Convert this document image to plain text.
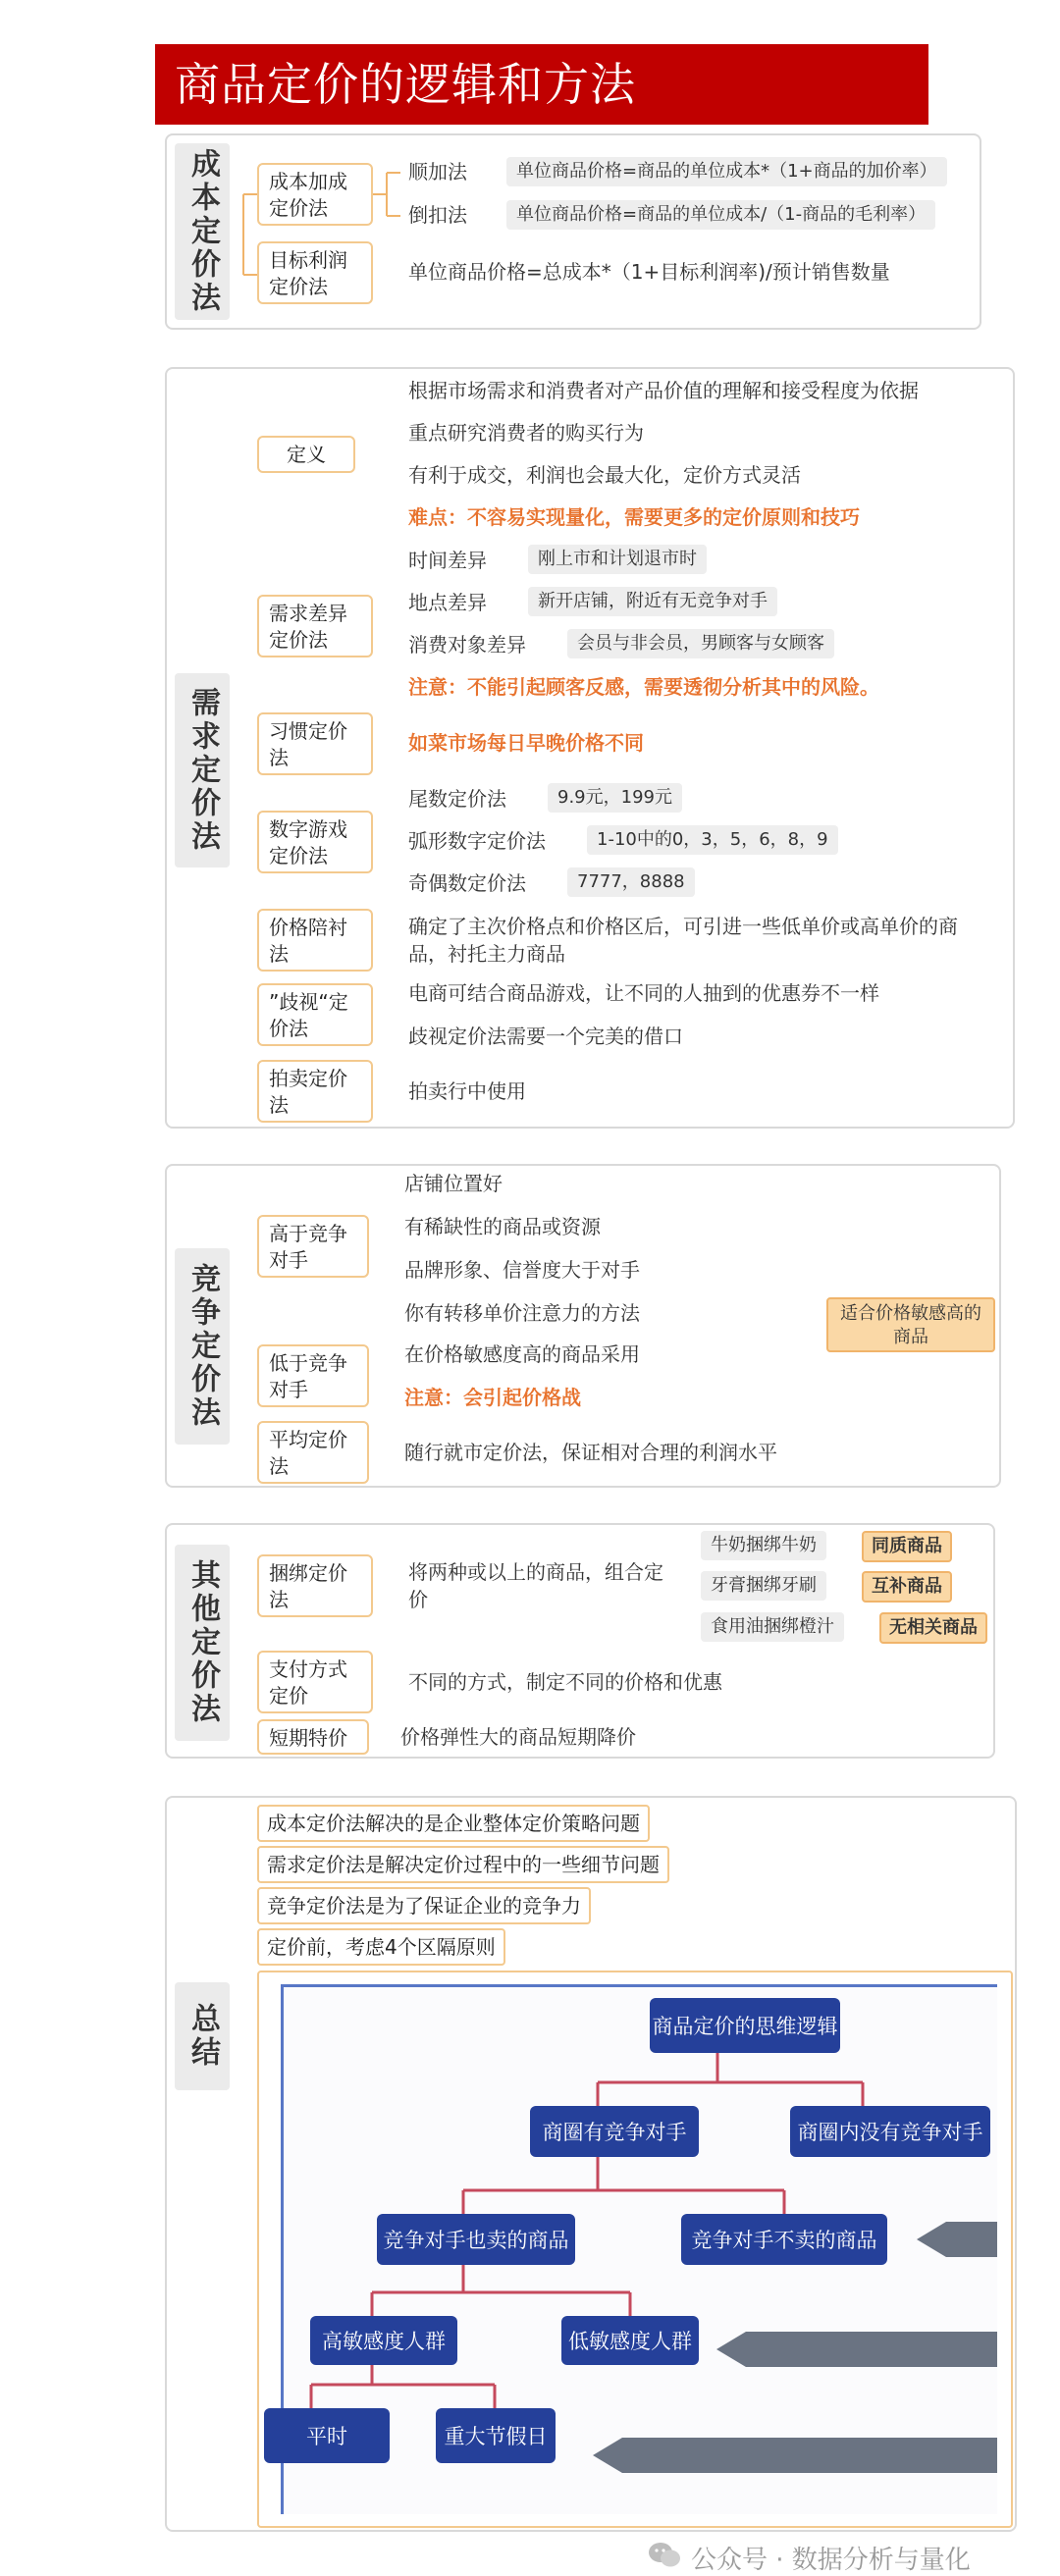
商品定价的逻辑和方法
成本定价法	成本加成定价法
顺加法	单位商品价格=商品的单位成本*（1+商品的加价率）
倒扣法	单位商品价格=商品的单位成本/（1-商品的毛利率）
目标利润定价法
单位商品价格=总成本*（1+目标利润率)/预计销售数量
需求定价法
定义
根据市场需求和消费者对产品价值的理解和接受程度为依据
重点研究消费者的购买行为
有利于成交，利润也会最大化，定价方式灵活
难点：不容易实现量化，需要更多的定价原则和技巧
需求差异定价法
时间差异	刚上市和计划退市时
地点差异	新开店铺，附近有无竞争对手
消费对象差异	会员与非会员，男顾客与女顾客
注意：不能引起顾客反感，需要透彻分析其中的风险。
习惯定价法
如菜市场每日早晚价格不同
数字游戏定价法
尾数定价法	9.9元，199元
弧形数字定价法	1-10中的0，3，5，6，8，9
奇偶数定价法	7777，8888
价格陪衬法
确定了主次价格点和价格区后，可引进一些低单价或高单价的商品，衬托主力商品
”歧视“定价法
电商可结合商品游戏，让不同的人抽到的优惠券不一样
歧视定价法需要一个完美的借口
拍卖定价法
拍卖行中使用
竞争定价法
高于竞争对手
店铺位置好
有稀缺性的商品或资源
品牌形象、信誉度大于对手
你有转移单价注意力的方法
低于竞争对手
在价格敏感度高的商品采用
注意：会引起价格战
平均定价法
随行就市定价法，保证相对合理的利润水平
适合价格敏感高的商品
其他定价法	捆绑定价法
将两种或以上的商品，组合定价
牛奶捆绑牛奶	同质商品
牙膏捆绑牙刷	互补商品
食用油捆绑橙汁	无相关商品
支付方式定价
不同的方式，制定不同的价格和优惠
短期特价	价格弹性大的商品短期降价
总结
成本定价法解决的是企业整体定价策略问题
需求定价法是解决定价过程中的一些细节问题
竞争定价法是为了保证企业的竞争力
定价前，考虑4个区隔原则
商品定价的思维逻辑
商圈有竞争对手	商圈内没有竞争对手
竞争对手也卖的商品	竞争对手不卖的商品
高敏感度人群	低敏感度人群
平时	重大节假日
公众号 · 数据分析与量化
